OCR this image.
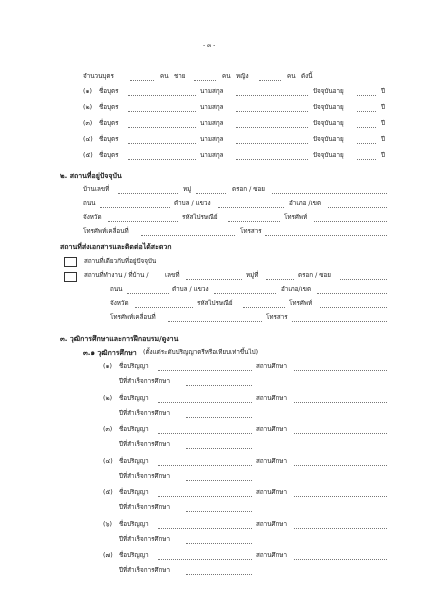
- ๓ -
จำนวนบุตร	คน ชาย	คน หญิง	คน ดังนี้
(๑) ชื่อบุตร	นามสกุล	ปัจจุบันอายุ	ปี
(๒) ชื่อบุตร	นามสกุล	ปัจจุบันอายุ	ปี
(๓) ชื่อบุตร	นามสกุล	ปัจจุบันอายุ	ปี
(๔) ชื่อบุตร	นามสกุล	ปัจจุบันอายุ	ปี
(๕) ชื่อบุตร	นามสกุล	ปัจจุบันอายุ	ปี
๒. สถานที่อยู่ปัจจุบัน
บ้านเลขที่	หมู่	ตรอก / ซอย
ถนน	ตำบล / แขวง	อำเภอ /เขต
จังหวัด	รหัสไปรษณีย์	โทรศัพท์
โทรศัพท์เคลื่อนที่	โทรสาร
สถานที่ส่งเอกสารและติดต่อได้สะดวก
สถานที่เดียวกับที่อยู่ปัจจุบัน
สถานที่ทำงาน / ที่บ้าน /	เลขที่	หมู่ที่	ตรอก / ซอย
ถนน	ตำบล / แขวง	อำเภอ/เขต
จังหวัด	รหัสไปรษณีย์	โทรศัพท์
โทรศัพท์เคลื่อนที่	โทรสาร
๓. วุฒิการศึกษาและการฝึกอบรม/ดูงาน
๓.๑ วุฒิการศึกษา (ตั้งแต่ระดับปริญญาตรีหรือเทียบเท่าขึ้นไป)
(๑) ชื่อปริญญา	สถานศึกษา
ปีที่สำเร็จการศึกษา
(๒) ชื่อปริญญา	สถานศึกษา
ปีที่สำเร็จการศึกษา
(๓) ชื่อปริญญา	สถานศึกษา
ปีที่สำเร็จการศึกษา
(๔) ชื่อปริญญา	สถานศึกษา
ปีที่สำเร็จการศึกษา
(๕) ชื่อปริญญา	สถานศึกษา
ปีที่สำเร็จการศึกษา
(๖) ชื่อปริญญา	สถานศึกษา
ปีที่สำเร็จการศึกษา
(๗) ชื่อปริญญา	สถานศึกษา
ปีที่สำเร็จการศึกษา
